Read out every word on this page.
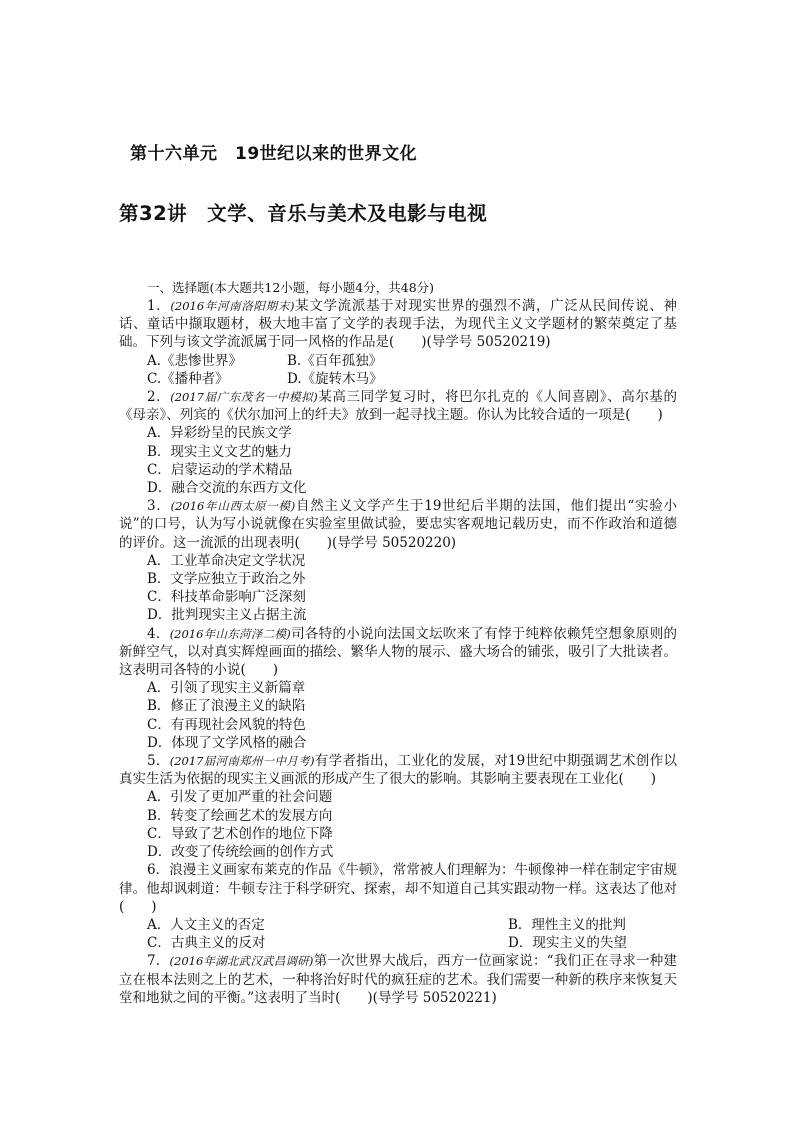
第十六单元　19世纪以来的世界文化
第32讲　文学、音乐与美术及电影与电视
一、选择题(本大题共12小题，每小题4分，共48分)
1．(2016年河南洛阳期末)某文学流派基于对现实世界的强烈不满，广泛从民间传说、神话、童话中撷取题材，极大地丰富了文学的表现手法，为现代主义文学题材的繁荣奠定了基础。下列与该文学流派属于同一风格的作品是(　　)(导学号 50520219)
A.《悲惨世界》	B.《百年孤独》
C.《播种者》	D.《旋转木马》
2．(2017届广东茂名一中模拟)某高三同学复习时，将巴尔扎克的《人间喜剧》、高尔基的《母亲》、列宾的《伏尔加河上的纤夫》放到一起寻找主题。你认为比较合适的一项是(　　)
A．异彩纷呈的民族文学
B．现实主义文艺的魅力
C．启蒙运动的学术精品
D．融合交流的东西方文化
3．(2016年山西太原一模)自然主义文学产生于19世纪后半期的法国，他们提出“实验小说”的口号，认为写小说就像在实验室里做试验，要忠实客观地记载历史，而不作政治和道德的评价。这一流派的出现表明(　　)(导学号 50520220)
A．工业革命决定文学状况
B．文学应独立于政治之外
C．科技革命影响广泛深刻
D．批判现实主义占据主流
4．(2016年山东菏泽二模)司各特的小说向法国文坛吹来了有悖于纯粹依赖凭空想象原则的新鲜空气，以对真实辉煌画面的描绘、繁华人物的展示、盛大场合的铺张，吸引了大批读者。这表明司各特的小说(　　)
A．引领了现实主义新篇章
B．修正了浪漫主义的缺陷
C．有再现社会风貌的特色
D．体现了文学风格的融合
5．(2017届河南郑州一中月考)有学者指出，工业化的发展，对19世纪中期强调艺术创作以真实生活为依据的现实主义画派的形成产生了很大的影响。其影响主要表现在工业化(　　)
A．引发了更加严重的社会问题
B．转变了绘画艺术的发展方向
C．导致了艺术创作的地位下降
D．改变了传统绘画的创作方式
6．浪漫主义画家布莱克的作品《牛顿》，常常被人们理解为：牛顿像神一样在制定宇宙规律。他却讽刺道：牛顿专注于科学研究、探索，却不知道自己其实跟动物一样。这表达了他对(　　)
A．人文主义的否定	B．理性主义的批判
C．古典主义的反对	D．现实主义的失望
7．(2016年湖北武汉武昌调研)第一次世界大战后，西方一位画家说：“我们正在寻求一种建立在根本法则之上的艺术，一种将治好时代的疯狂症的艺术。我们需要一种新的秩序来恢复天堂和地狱之间的平衡。”这表明了当时(　　)(导学号 50520221)
